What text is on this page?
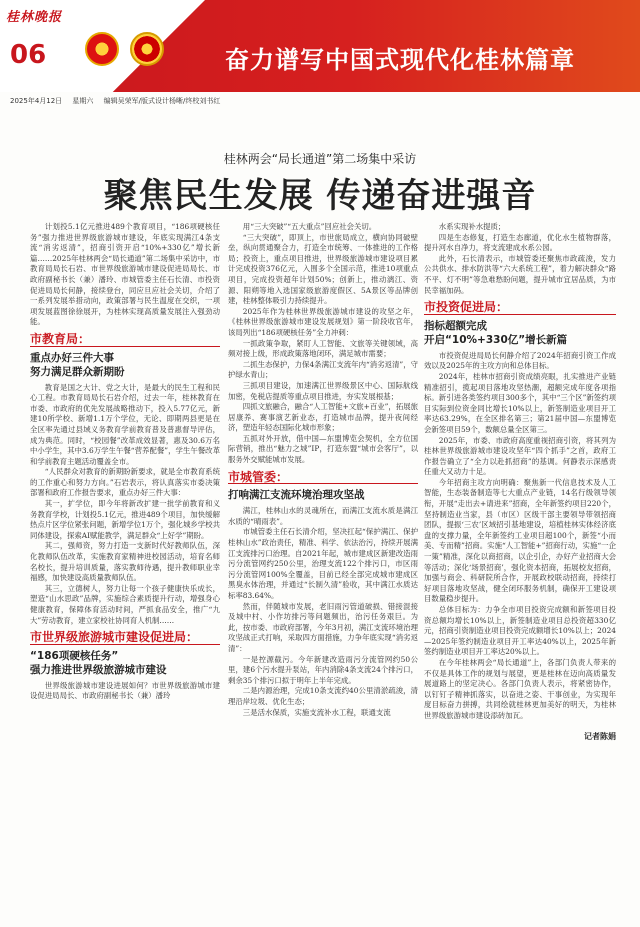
桂林晚报
06	奋力谱写中国式现代化桂林篇章
2025年4月12日 星期六 编辑吴荣军/版式设计杨晰/终校刘书红
桂林两会“局长通道”第二场集中采访
聚焦民生发展 传递奋进强音

计划投5.1亿元推进489个教育项目，“186项硬核任务”强力推进世界级旅游城市建设，年底实现满江4条支流“消劣返清”，招商引资开启“10%+330亿”增长新篇……2025年桂林两会“局长通道”第二场集中采访中，市教育局局长石岩、市世界级旅游城市建设促进局局长、市政府副秘书长（兼）潘玲、市城管委主任石长清、市投资促进局局长何静，接续登台，同应旦应社会关切，介绍了一系列发展举措动向，政策部署与民生温度在交织，一项项发展蓝图徐徐展开，为桂林实现高质量发展注入强劲动能。

市教育局：
重点办好三件大事
努力满足群众新期盼

教育是国之大计、党之大计，是最大的民生工程和民心工程。市教育局局长石岩介绍，过去一年，桂林教育在市委、市政府的优先发展战略推动下，投入5.77亿元，新建10所学校、新增1.1万个学位，无论、即期两县更是在全区率先通过县域义务教育学前教育普及普惠督导评估，成为典范。同时，“校园餐”改革成效显著，惠及30.6万名中小学生，其中3.6万学生午餐“营养配餐”，学生午餐改革和学前教育主题活动覆盖全市。

“人民群众对教育的新期盼新要求，就是全市教育系统的工作重心和努力方向。”石岩表示，将认真落实市委决策部署和政府工作报告要求，重点办好三件大事：

其一，扩学位，即今年将新改扩建一批学前教育和义务教育学校，计划投5.1亿元，推进489个项目，加快缓解热点片区学位紧张问题，新增学位1万个，强化城乡学校共同体建设，探索AI赋能教学，满足群众“上好学”期盼。

其二，强师资，努力打造一支新时代好教师队伍，深化教师队伍改革，实施教育家精神进校园活动，培育名师名校长，提升培训质量，落实教师待遇，提升教师职业幸福感，加快建设高质量教师队伍。

其三，立德树人，努力让每一个孩子健康快乐成长，塑造“山水思政”品牌，实施综合素质提升行动，增强身心健康教育，保障体育活动时间，严抓食品安全，推广“九大”劳动教育，建立家校社协同育人机制……

市世界级旅游城市建设促进局：
“186项硬核任务”
强力推进世界级旅游城市建设

世界级旅游城市建设进展如何？市世界级旅游城市建设促进局局长、市政府副秘书长（兼）潘玲

用“三大突破”“五大重点”回应社会关切。

“三大突破”，即顶上，市世旅局成立，横向协同破壁垒，纵向贯通聚合力，打造全市统筹、一体推进的工作格局；投资上，重点项目推进，世界级旅游城市建设项目累计完成投资376亿元，入围多个全国示范，推进10项重点项目，完成投资超年计划50%；创新上，推动漓江、资源、阳朔等地入选国家级旅游度假区、5A景区等品牌创建，桂林整体吸引力持续提升。

2025年作为桂林世界级旅游城市建设的攻坚之年，《桂林世界级旅游城市建设发展规划》第一阶段收官年，该局列出“186项硬核任务”全力冲刺：

一抓政策争取，紧盯人工智能、文旅等关键领域，高频对接上级，形成政策落地闭环，满足城市需要；

二抓生态保护，力保4条满江支流年内“消劣返清”，守护绿水青山；

三抓项目建设，加速满江世界级景区中心、国际航线加密，免税店提质等重点项目推进，夯实发展根基；

四抓文旅融合，融合“人工智能+文旅+百业”，拓展旅居康养、赛事演艺新业态，打造城市品牌，提升夜间经济，塑造年轻态国际化城市形象；

五抓对外开放，借中国—东盟博览会契机，全方位国际营销，推出“魅力之城”IP，打造东盟“城市会客厅”，以服务外交赋能城市发展。

市城管委：
打响满江支流环境治理攻坚战

满江，桂林山水的灵魂所在，而满江支流水质是满江水质的“晴雨表”。

市城管委主任石长清介绍，坚决扛起“保护满江、保护桂林山水”政治责任，精准、科学、依法治污，持续开展满江支流排污口治理。自2021年起，城市建成区新建改造雨污分流管网约250公里，治理支流122个排污口，市区雨污分流管网100%全覆盖，目前已经全部完成城市建成区黑臭水体治理，并通过“长制久清”验收，其中满江水质达标率83.64%。

然而，伴随城市发展，老旧雨污管道破损、错接混接及城中村、小作坊排污等问题频出，治污任务艰巨。为此，按市委、市政府部署，今年3月初，满江支流环境治理攻坚战正式打响，采取四方面措施，力争年底实现“消劣返清”：

一是控源截污。今年新建改造雨污分流管网约50公里，建6个污水提升泵站，年内消除4条支流24个排污口，剩余35个排污口拟于明年上半年完成。

二是内源治理，完成10条支流约40公里清淤疏浚，清理沿岸垃圾、优化生态；

三是活水保质，实施支流补水工程，联通支流

水系实现补水提质；

四是生态修复，打造生态廊道，优化水生植物群落，提升河水自净力，将支流建成水系公园。

此外，石长清表示，市城管委还聚焦市政疏浚，发力公共供水、排水防洪等“六大系统工程”，着力解决群众“路不平、灯不明”等急难愁盼问题，提升城市宜居品质，为市民幸福加码。

市投资促进局：
指标超额完成
开启“10%+330亿”增长新篇

市投资促进局局长何静介绍了2024年招商引资工作成效以及2025年的主攻方向和总体目标。

2024年，桂林市招商引资成绩亮眼，扎实推进产业链精准招引，揽起项目落地攻坚热潮，超额完成年度各项指标。新引进各类签约项目300多个，其中“三个区”新签约项目实际到位资金同比增长10%以上，新签制造业项目开工率达63.29%，在全区排名第三；第21届中国—东盟博览会新签项目59个，数额总量全区第三。

2025年，市委、市政府高度重视招商引资，将其列为桂林世界级旅游城市建设攻坚年“四个抓手”之首，政府工作报告确立了“全力以赴抓招商”的基调。何静表示深感责任重大又动力十足。

今年招商主攻方向明确：聚焦新一代信息技术及人工智能，生态装备制造等七大重点产业链，14名行级领导领衔，开展“走出去+请进来”招商，全年新签约项目220个，坚持制造业当家，县（市区）区级干部主要领导带领招商团队，提振‘三农’区域招引基地建设，培植桂林实体经济底盘的支撑力量，全年新签约工业项目超100个，新签“小而美、专而精”招商。实施“人工智能+”招商行动，实施“一企一策”精准，深化以商招商，以企引企，办好产业招商大会等活动；深化‘场景招商’，强化资本招商，拓展校友招商，加强与商会、科研院所合作，开展政校联动招商，持续打好项目落地攻坚战，健全闭环服务机制，确保开工建设项目数量稳步提升。

总体目标为：力争全市项目投资完成额和新签项目投资总额均增长10%以上，新签制造业项目总投资超330亿元，招商引资制造业项目投资完成额增长10%以上；2024—2025年签约制造业项目开工率达40%以上，2025年新签约制造业项目开工率达20%以上。

在今年桂林两会“局长通道”上，各部门负责人带来的不仅是具体工作的规划与展望，更是桂林在迈向高质量发展道路上的坚定决心。各部门负责人表示，将紧密协作，以钉钉子精神抓落实，以奋进之姿、干事创业，为实现年度目标奋力拼搏，共同绘就桂林更加美好的明天，为桂林世界级旅游城市建设添砖加瓦。

记者陈娟
